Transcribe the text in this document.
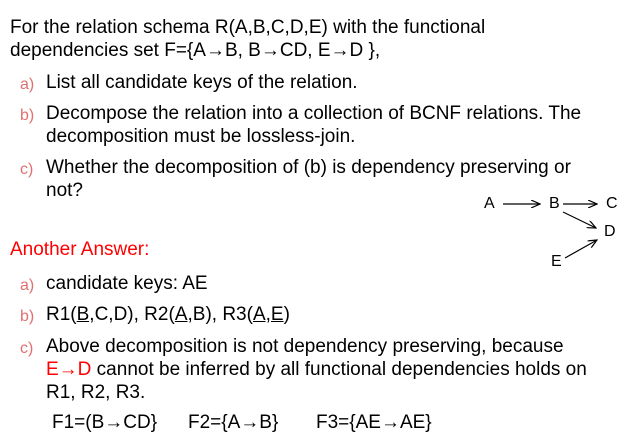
For the relation schema R(A,B,C,D,E) with the functional
dependencies set F={A→B, B→CD, E→D },
a) List all candidate keys of the relation.
b) Decompose the relation into a collection of BCNF relations. The
decomposition must be lossless-join.
c) Whether the decomposition of (b) is dependency preserving or
not?
A	B	C
D
E
Another Answer:
a) candidate keys: AE
b) R1(B,C,D), R2(A,B), R3(A,E)
c) Above decomposition is not dependency preserving, because
E→D cannot be inferred by all functional dependencies holds on
R1, R2, R3.
F1=(B→CD} F2={A→B} F3={AE→AE}
